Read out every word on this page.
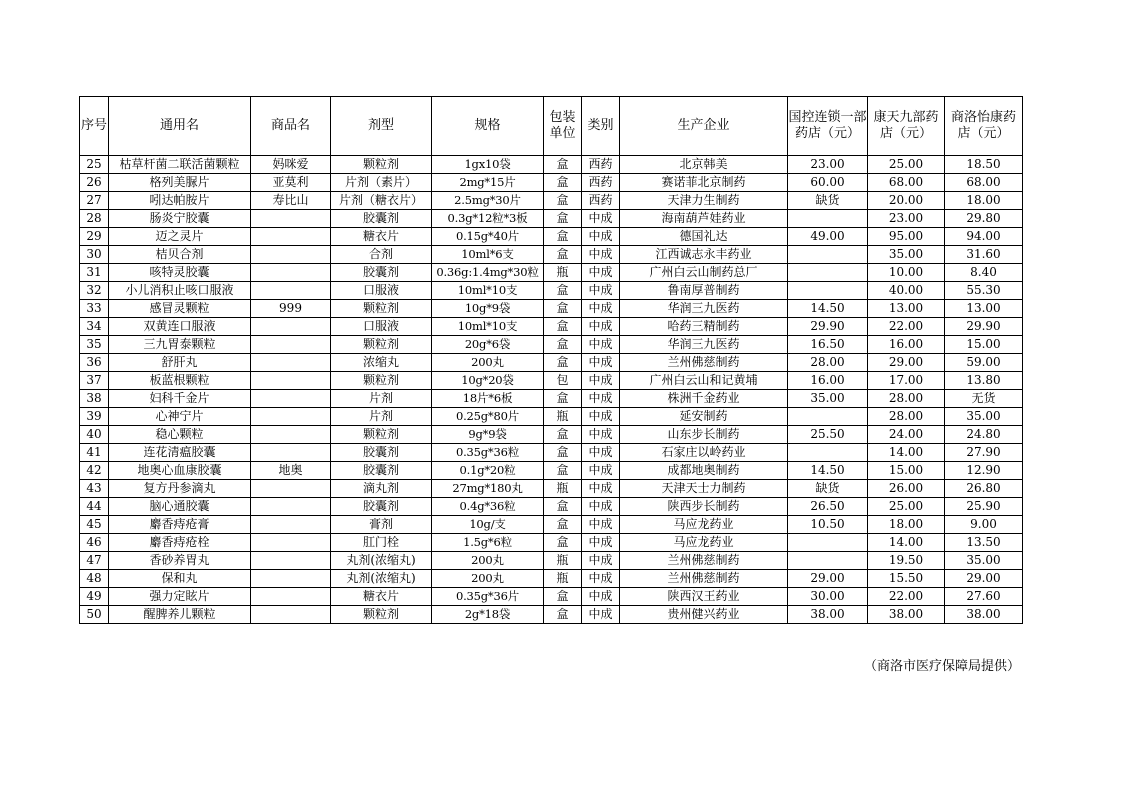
序号	通用名	商品名	剂型	规格	包装单位	类别	生产企业	国控连锁一部药店（元）	康天九部药店（元）	商洛怡康药店（元）
25	枯草杆菌二联活菌颗粒	妈咪爱	颗粒剂	1gx10袋	盒	西药	北京韩美	23.00	25.00	18.50
26	格列美脲片	亚莫利	片剂（素片）	2mg*15片	盒	西药	赛诺菲北京制药	60.00	68.00	68.00
27	吲达帕胺片	寿比山	片剂（糖衣片）	2.5mg*30片	盒	西药	天津力生制药	缺货	20.00	18.00
28	肠炎宁胶囊		胶囊剂	0.3g*12粒*3板	盒	中成	海南葫芦娃药业		23.00	29.80
29	迈之灵片		糖衣片	0.15g*40片	盒	中成	德国礼达	49.00	95.00	94.00
30	桔贝合剂		合剂	10ml*6支	盒	中成	江西诚志永丰药业		35.00	31.60
31	咳特灵胶囊		胶囊剂	0.36g:1.4mg*30粒	瓶	中成	广州白云山制药总厂		10.00	8.40
32	小儿消积止咳口服液		口服液	10ml*10支	盒	中成	鲁南厚普制药		40.00	55.30
33	感冒灵颗粒	999	颗粒剂	10g*9袋	盒	中成	华润三九医药	14.50	13.00	13.00
34	双黄连口服液		口服液	10ml*10支	盒	中成	哈药三精制药	29.90	22.00	29.90
35	三九胃泰颗粒		颗粒剂	20g*6袋	盒	中成	华润三九医药	16.50	16.00	15.00
36	舒肝丸		浓缩丸	200丸	盒	中成	兰州佛慈制药	28.00	29.00	59.00
37	板蓝根颗粒		颗粒剂	10g*20袋	包	中成	广州白云山和记黄埔	16.00	17.00	13.80
38	妇科千金片		片剂	18片*6板	盒	中成	株洲千金药业	35.00	28.00	无货
39	心神宁片		片剂	0.25g*80片	瓶	中成	延安制药		28.00	35.00
40	稳心颗粒		颗粒剂	9g*9袋	盒	中成	山东步长制药	25.50	24.00	24.80
41	连花清瘟胶囊		胶囊剂	0.35g*36粒	盒	中成	石家庄以岭药业		14.00	27.90
42	地奥心血康胶囊	地奥	胶囊剂	0.1g*20粒	盒	中成	成都地奥制药	14.50	15.00	12.90
43	复方丹参滴丸		滴丸剂	27mg*180丸	瓶	中成	天津天士力制药	缺货	26.00	26.80
44	脑心通胶囊		胶囊剂	0.4g*36粒	盒	中成	陕西步长制药	26.50	25.00	25.90
45	麝香痔疮膏		膏剂	10g/支	盒	中成	马应龙药业	10.50	18.00	9.00
46	麝香痔疮栓		肛门栓	1.5g*6粒	盒	中成	马应龙药业		14.00	13.50
47	香砂养胃丸		丸剂(浓缩丸)	200丸	瓶	中成	兰州佛慈制药		19.50	35.00
48	保和丸		丸剂(浓缩丸)	200丸	瓶	中成	兰州佛慈制药	29.00	15.50	29.00
49	强力定眩片		糖衣片	0.35g*36片	盒	中成	陕西汉王药业	30.00	22.00	27.60
50	醒脾养儿颗粒		颗粒剂	2g*18袋	盒	中成	贵州健兴药业	38.00	38.00	38.00
（商洛市医疗保障局提供）
